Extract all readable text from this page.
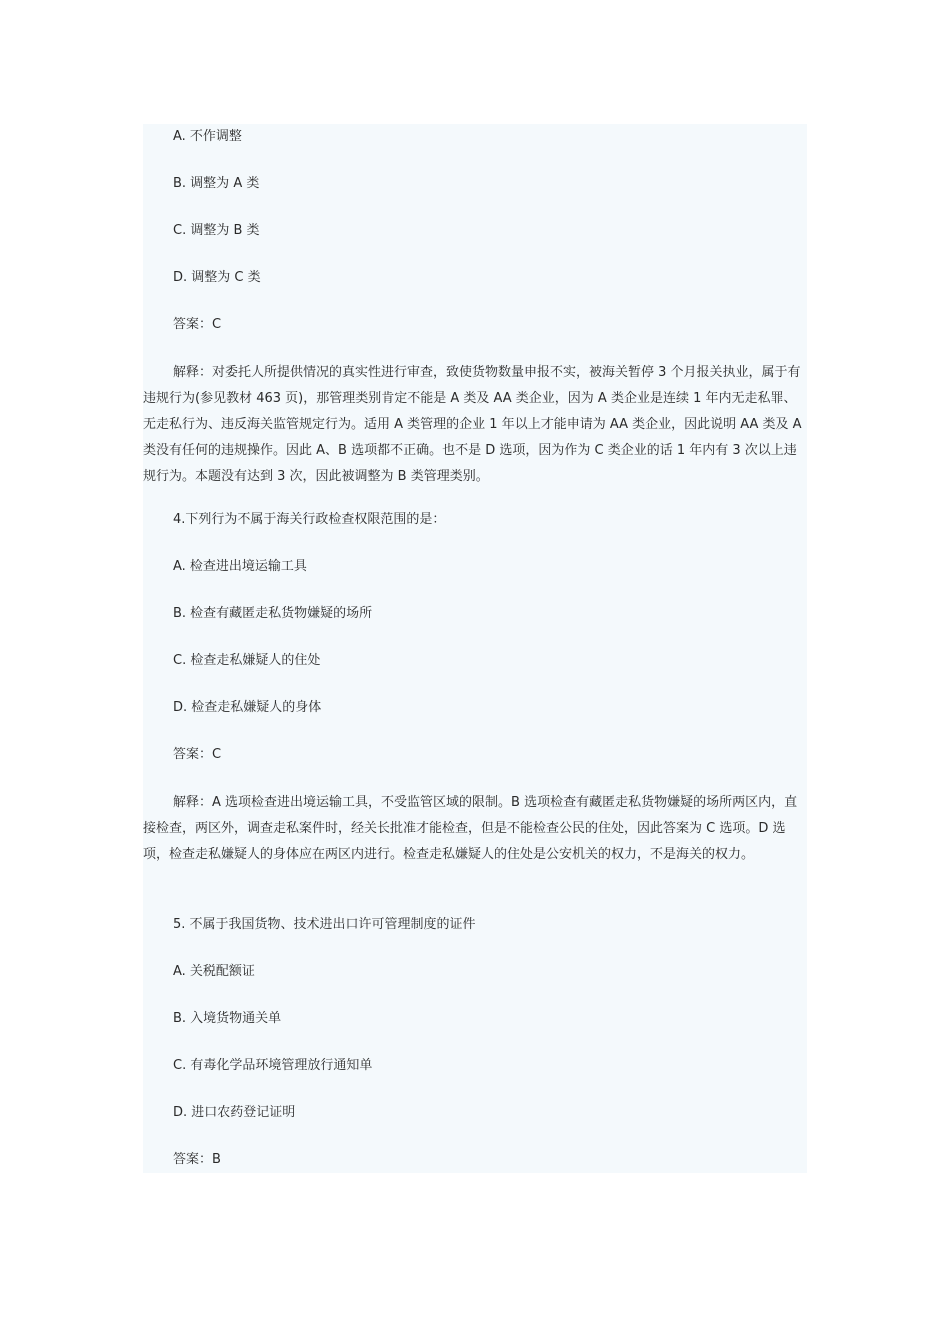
A. 不作调整
B. 调整为 A 类
C. 调整为 B 类
D. 调整为 C 类
答案：C
解释：对委托人所提供情况的真实性进行审查，致使货物数量申报不实，被海关暂停 3 个月报关执业，属于有违规行为(参见教材 463 页)，那管理类别肯定不能是 A 类及 AA 类企业，因为 A 类企业是连续 1 年内无走私罪、无走私行为、违反海关监管规定行为。适用 A 类管理的企业 1 年以上才能申请为 AA 类企业，因此说明 AA 类及 A 类没有任何的违规操作。因此 A、B 选项都不正确。也不是 D 选项，因为作为 C 类企业的话 1 年内有 3 次以上违规行为。本题没有达到 3 次，因此被调整为 B 类管理类别。
4.下列行为不属于海关行政检查权限范围的是：
A. 检查进出境运输工具
B. 检查有藏匿走私货物嫌疑的场所
C. 检查走私嫌疑人的住处
D. 检查走私嫌疑人的身体
答案：C
解释：A 选项检查进出境运输工具，不受监管区域的限制。B 选项检查有藏匿走私货物嫌疑的场所两区内，直接检查，两区外，调查走私案件时，经关长批准才能检查，但是不能检查公民的住处，因此答案为 C 选项。D 选项，检查走私嫌疑人的身体应在两区内进行。检查走私嫌疑人的住处是公安机关的权力，不是海关的权力。
5. 不属于我国货物、技术进出口许可管理制度的证件
A. 关税配额证
B. 入境货物通关单
C. 有毒化学品环境管理放行通知单
D. 进口农药登记证明
答案：B
